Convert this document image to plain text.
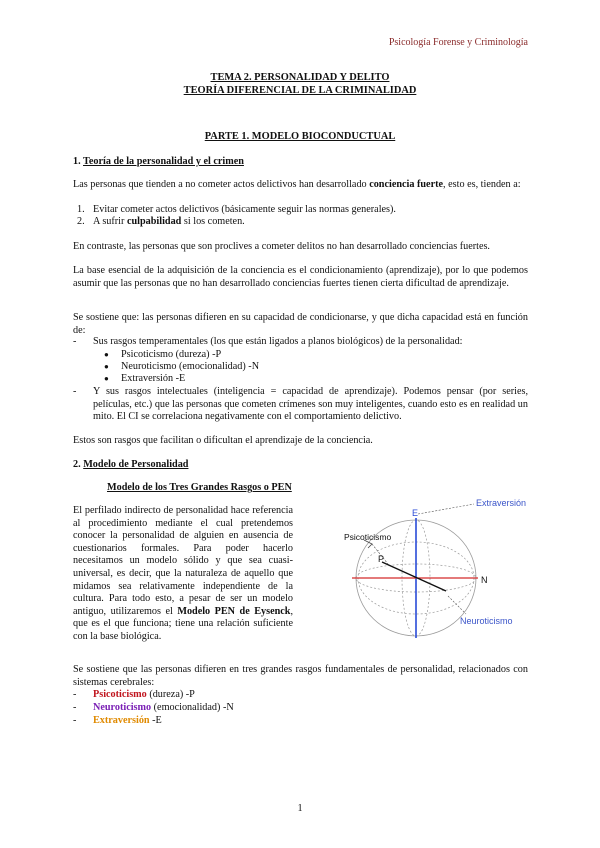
Psicología Forense y Criminología
TEMA 2. PERSONALIDAD Y DELITO
TEORÍA DIFERENCIAL DE LA CRIMINALIDAD
PARTE 1. MODELO BIOCONDUCTUAL
1. Teoría de la personalidad y el crimen
Las personas que tienden a no cometer actos delictivos han desarrollado conciencia fuerte, esto es, tienden a:
1. Evitar cometer actos delictivos (básicamente seguir las normas generales).
2. A sufrir culpabilidad si los cometen.
En contraste, las personas que son proclives a cometer delitos no han desarrollado conciencias fuertes.
La base esencial de la adquisición de la conciencia es el condicionamiento (aprendizaje), por lo que podemos asumir que las personas que no han desarrollado conciencias fuertes tienen cierta dificultad de aprendizaje.
Se sostiene que: las personas difieren en su capacidad de condicionarse, y que dicha capacidad está en función de:
- Sus rasgos temperamentales (los que están ligados a planos biológicos) de la personalidad:
● Psicoticismo (dureza) -P
● Neuroticismo (emocionalidad) -N
● Extraversión -E
- Y sus rasgos intelectuales (inteligencia = capacidad de aprendizaje). Podemos pensar (por series, películas, etc.) que las personas que cometen crímenes son muy inteligentes, cuando esto es en realidad un mito. El CI se correlaciona negativamente con el comportamiento delictivo.
Estos son rasgos que facilitan o dificultan el aprendizaje de la conciencia.
2. Modelo de Personalidad
Modelo de los Tres Grandes Rasgos o PEN
El perfilado indirecto de personalidad hace referencia al procedimiento mediante el cual pretendemos conocer la personalidad de alguien en ausencia de cuestionarios formales. Para poder hacerlo necesitamos un modelo sólido y que sea cuasi-universal, es decir, que la naturaleza de aquello que midamos sea relativamente independiente de la cultura. Para todo esto, a pesar de ser un modelo antiguo, utilizaremos el Modelo PEN de Eysenck, que es el que funciona; tiene una relación suficiente con la base biológica.
Extraversión
Psicoticismo
Neuroticismo
E
P
N
Se sostiene que las personas difieren en tres grandes rasgos fundamentales de personalidad, relacionados con sistemas cerebrales:
- Psicoticismo (dureza) -P
- Neuroticismo (emocionalidad) -N
- Extraversión -E
1
